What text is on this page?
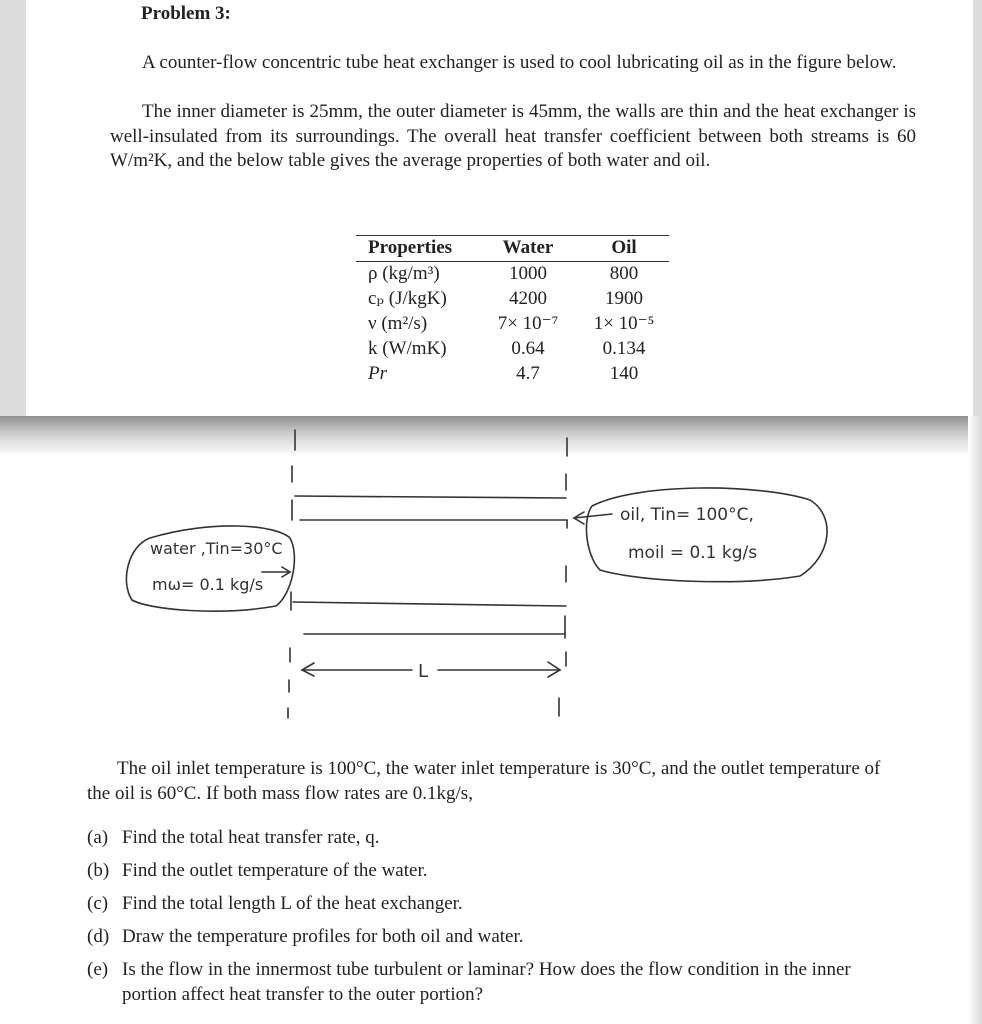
Problem 3:
A counter-flow concentric tube heat exchanger is used to cool lubricating oil as in the figure below.
The inner diameter is 25mm, the outer diameter is 45mm, the walls are thin and the heat exchanger is well-insulated from its surroundings. The overall heat transfer coefficient between both streams is 60 W/m²K, and the below table gives the average properties of both water and oil.
Properties	Water	Oil
ρ (kg/m³)	1000	800
cₚ (J/kgK)	4200	1900
ν (m²/s)	7× 10⁻⁷	1× 10⁻⁵
k (W/mK)	0.64	0.134
Pr	4.7	140
water ,Tin=30°C
mω= 0.1 kg/s
oil, Tin= 100°C,
moil = 0.1 kg/s
L
The oil inlet temperature is 100°C, the water inlet temperature is 30°C, and the outlet temperature of the oil is 60°C. If both mass flow rates are 0.1kg/s,
(a) Find the total heat transfer rate, q.
(b) Find the outlet temperature of the water.
(c) Find the total length L of the heat exchanger.
(d) Draw the temperature profiles for both oil and water.
(e) Is the flow in the innermost tube turbulent or laminar? How does the flow condition in the inner portion affect heat transfer to the outer portion?
